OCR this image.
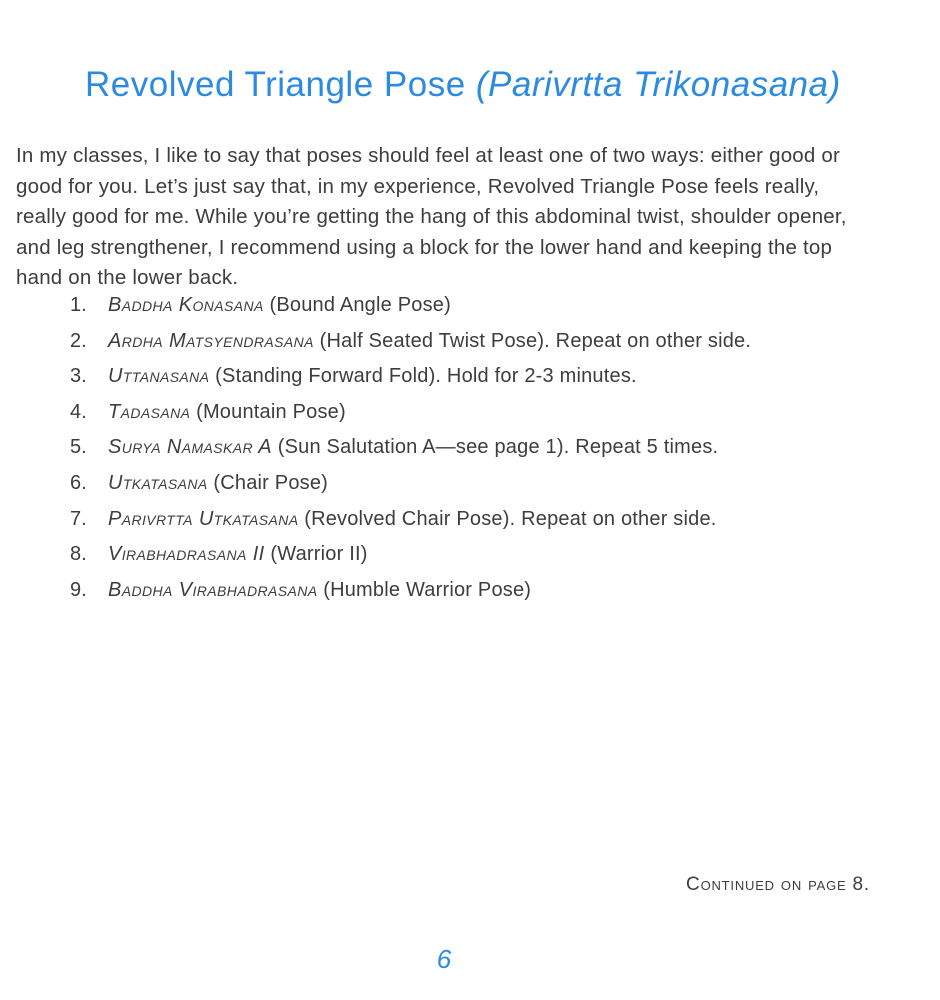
Revolved Triangle Pose (Parivrtta Trikonasana)

In my classes, I like to say that poses should feel at least one of two ways: either good or good for you. Let’s just say that, in my experience, Revolved Triangle Pose feels really, really good for me. While you’re getting the hang of this abdominal twist, shoulder opener, and leg strengthener, I recommend using a block for the lower hand and keeping the top hand on the lower back.

1.	Baddha Konasana (Bound Angle Pose)
2.	Ardha Matsyendrasana (Half Seated Twist Pose). Repeat on other side.
3.	Uttanasana (Standing Forward Fold). Hold for 2-3 minutes.
4.	Tadasana (Mountain Pose)
5.	Surya Namaskar A (Sun Salutation A—see page 1). Repeat 5 times.
6.	Utkatasana (Chair Pose)
7.	Parivrtta Utkatasana (Revolved Chair Pose). Repeat on other side.
8.	Virabhadrasana II (Warrior II)
9.	Baddha Virabhadrasana (Humble Warrior Pose)
Continued on page 8.
6
